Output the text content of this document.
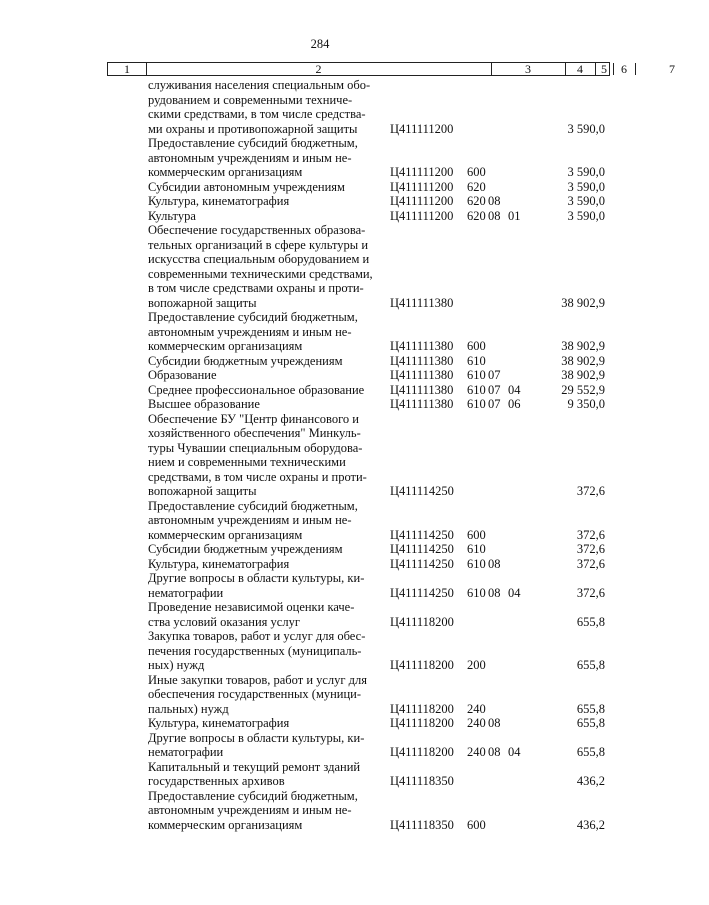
284
1	2	3	4	5	6	7
служивания населения специальным обо-
рудованием и современными техниче-
скими средствами, в том числе средства-
ми охраны и противопожарной защиты	Ц411111200	3 590,0
Предоставление субсидий бюджетным,
автономным учреждениям и иным не-
коммерческим организациям	Ц411111200 600	3 590,0
Субсидии автономным учреждениям	Ц411111200 620	3 590,0
Культура, кинематография	Ц411111200 620 08	3 590,0
Культура	Ц411111200 620 08 01	3 590,0
Обеспечение государственных образова-
тельных организаций в сфере культуры и
искусства специальным оборудованием и
современными техническими средствами,
в том числе средствами охраны и проти-
вопожарной защиты	Ц411111380	38 902,9
Предоставление субсидий бюджетным,
автономным учреждениям и иным не-
коммерческим организациям	Ц411111380 600	38 902,9
Субсидии бюджетным учреждениям	Ц411111380 610	38 902,9
Образование	Ц411111380 610 07	38 902,9
Среднее профессиональное образование	Ц411111380 610 07 04	29 552,9
Высшее образование	Ц411111380 610 07 06	9 350,0
Обеспечение БУ "Центр финансового и
хозяйственного обеспечения" Минкуль-
туры Чувашии специальным оборудова-
нием и современными техническими
средствами, в том числе охраны и проти-
вопожарной защиты	Ц411114250	372,6
Предоставление субсидий бюджетным,
автономным учреждениям и иным не-
коммерческим организациям	Ц411114250 600	372,6
Субсидии бюджетным учреждениям	Ц411114250 610	372,6
Культура, кинематография	Ц411114250 610 08	372,6
Другие вопросы в области культуры, ки-
нематографии	Ц411114250 610 08 04	372,6
Проведение независимой оценки каче-
ства условий оказания услуг	Ц411118200	655,8
Закупка товаров, работ и услуг для обес-
печения государственных (муниципаль-
ных) нужд	Ц411118200 200	655,8
Иные закупки товаров, работ и услуг для
обеспечения государственных (муници-
пальных) нужд	Ц411118200 240	655,8
Культура, кинематография	Ц411118200 240 08	655,8
Другие вопросы в области культуры, ки-
нематографии	Ц411118200 240 08 04	655,8
Капитальный и текущий ремонт зданий
государственных архивов	Ц411118350	436,2
Предоставление субсидий бюджетным,
автономным учреждениям и иным не-
коммерческим организациям	Ц411118350 600	436,2
